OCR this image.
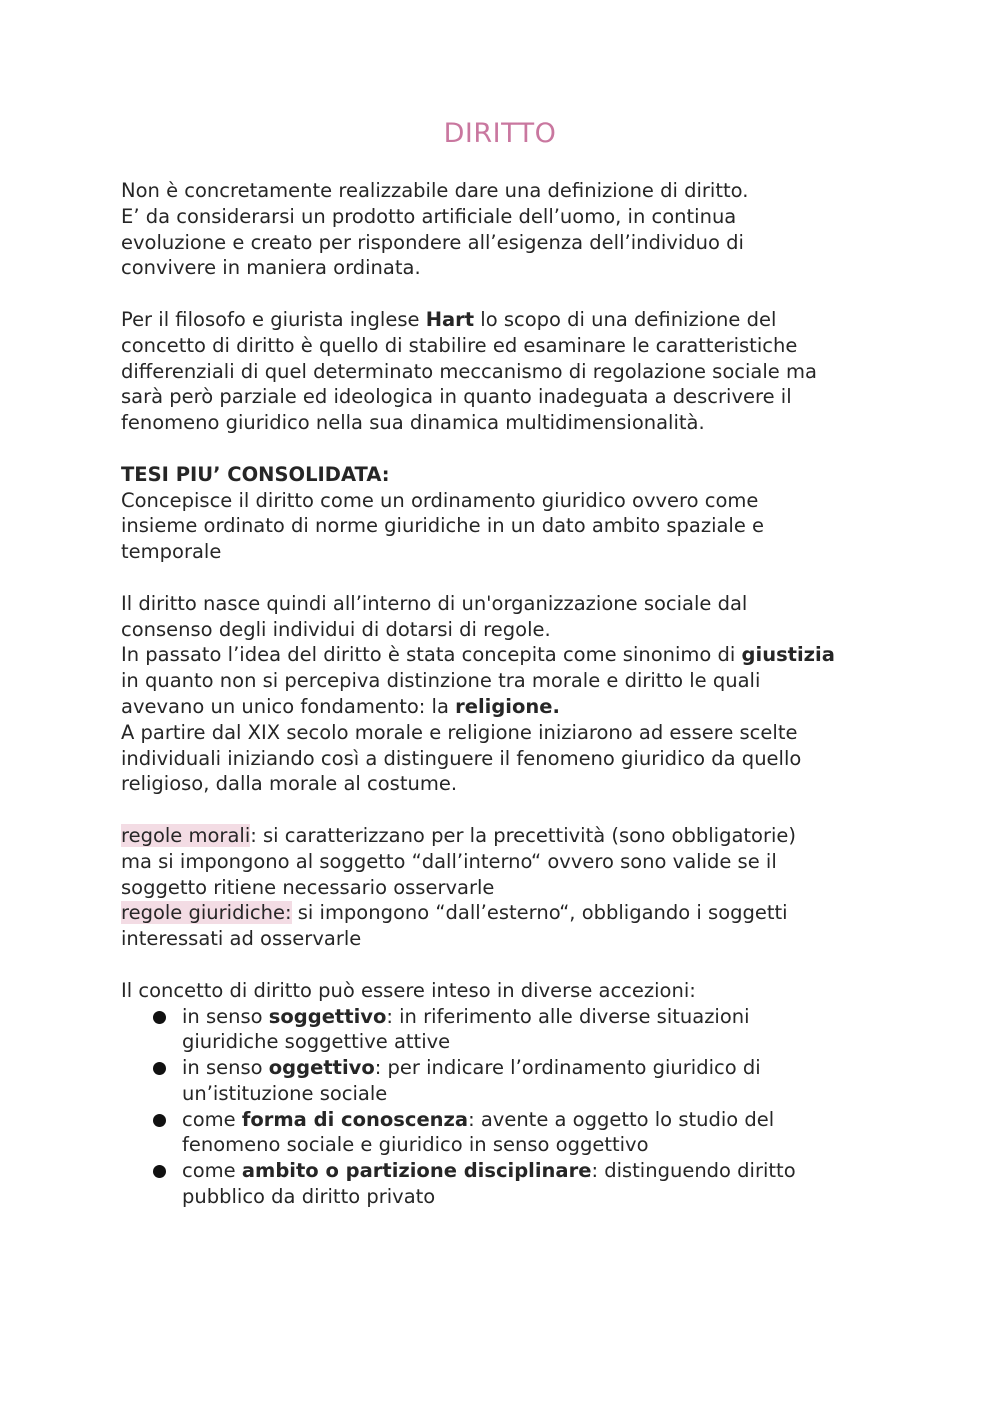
DIRITTO
Non è concretamente realizzabile dare una definizione di diritto.
E’ da considerarsi un prodotto artificiale dell’uomo, in continua
evoluzione e creato per rispondere all’esigenza dell’individuo di
convivere in maniera ordinata.
Per il filosofo e giurista inglese Hart lo scopo di una definizione del
concetto di diritto è quello di stabilire ed esaminare le caratteristiche
differenziali di quel determinato meccanismo di regolazione sociale ma
sarà però parziale ed ideologica in quanto inadeguata a descrivere il
fenomeno giuridico nella sua dinamica multidimensionalità.
TESI PIU’ CONSOLIDATA:
Concepisce il diritto come un ordinamento giuridico ovvero come
insieme ordinato di norme giuridiche in un dato ambito spaziale e
temporale
Il diritto nasce quindi all’interno di un'organizzazione sociale dal
consenso degli individui di dotarsi di regole.
In passato l’idea del diritto è stata concepita come sinonimo di giustizia
in quanto non si percepiva distinzione tra morale e diritto le quali
avevano un unico fondamento: la religione.
A partire dal XIX secolo morale e religione iniziarono ad essere scelte
individuali iniziando così a distinguere il fenomeno giuridico da quello
religioso, dalla morale al costume.
regole morali: si caratterizzano per la precettività (sono obbligatorie)
ma si impongono al soggetto “dall’interno“ ovvero sono valide se il
soggetto ritiene necessario osservarle
regole giuridiche: si impongono “dall’esterno“, obbligando i soggetti
interessati ad osservarle
Il concetto di diritto può essere inteso in diverse accezioni:
in senso soggettivo: in riferimento alle diverse situazioni
giuridiche soggettive attive
in senso oggettivo: per indicare l’ordinamento giuridico di
un’istituzione sociale
come forma di conoscenza: avente a oggetto lo studio del
fenomeno sociale e giuridico in senso oggettivo
come ambito o partizione disciplinare: distinguendo diritto
pubblico da diritto privato
